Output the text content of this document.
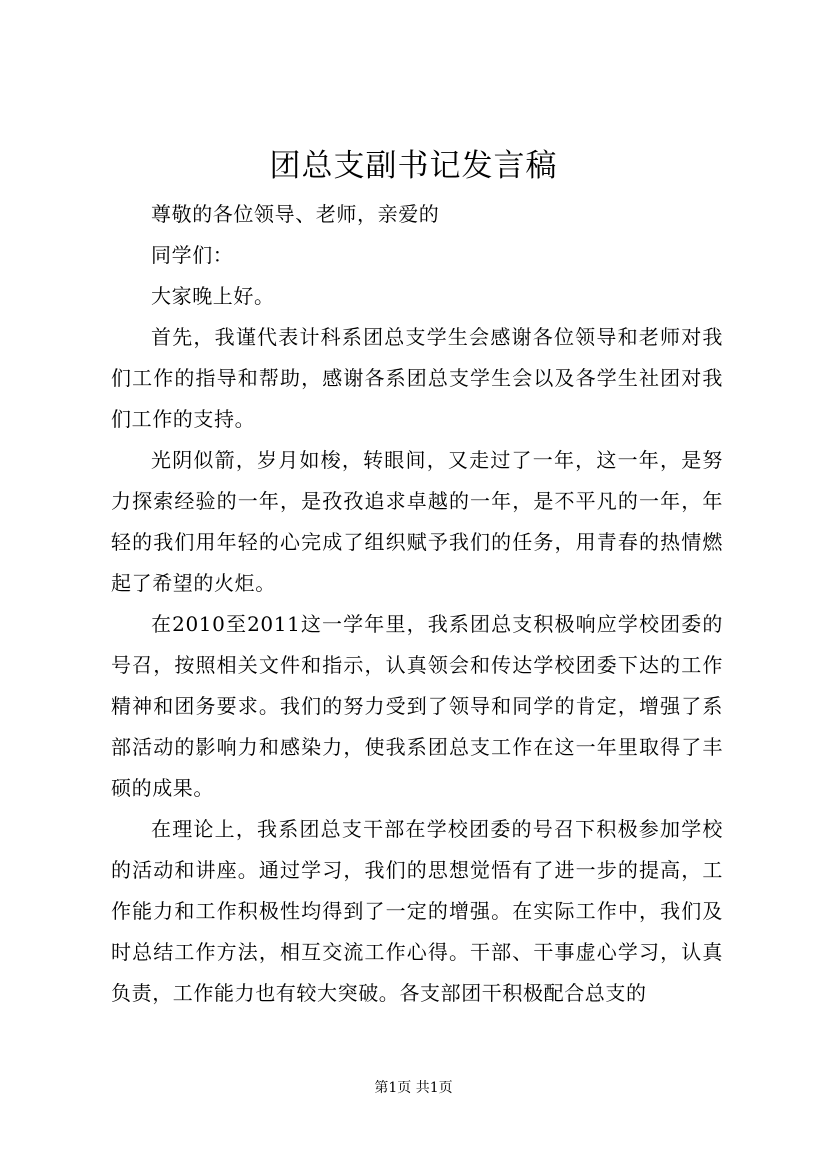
团总支副书记发言稿

尊敬的各位领导、老师，亲爱的

同学们：

大家晚上好。

首先，我谨代表计科系团总支学生会感谢各位领导和老师对我们工作的指导和帮助，感谢各系团总支学生会以及各学生社团对我们工作的支持。

光阴似箭，岁月如梭，转眼间，又走过了一年，这一年，是努力探索经验的一年，是孜孜追求卓越的一年，是不平凡的一年，年轻的我们用年轻的心完成了组织赋予我们的任务，用青春的热情燃起了希望的火炬。

在2010至2011这一学年里，我系团总支积极响应学校团委的号召，按照相关文件和指示，认真领会和传达学校团委下达的工作精神和团务要求。我们的努力受到了领导和同学的肯定，增强了系部活动的影响力和感染力，使我系团总支工作在这一年里取得了丰硕的成果。

在理论上，我系团总支干部在学校团委的号召下积极参加学校的活动和讲座。通过学习，我们的思想觉悟有了进一步的提高，工作能力和工作积极性均得到了一定的增强。在实际工作中，我们及时总结工作方法，相互交流工作心得。干部、干事虚心学习，认真负责，工作能力也有较大突破。各支部团干积极配合总支的

第1页 共1页
